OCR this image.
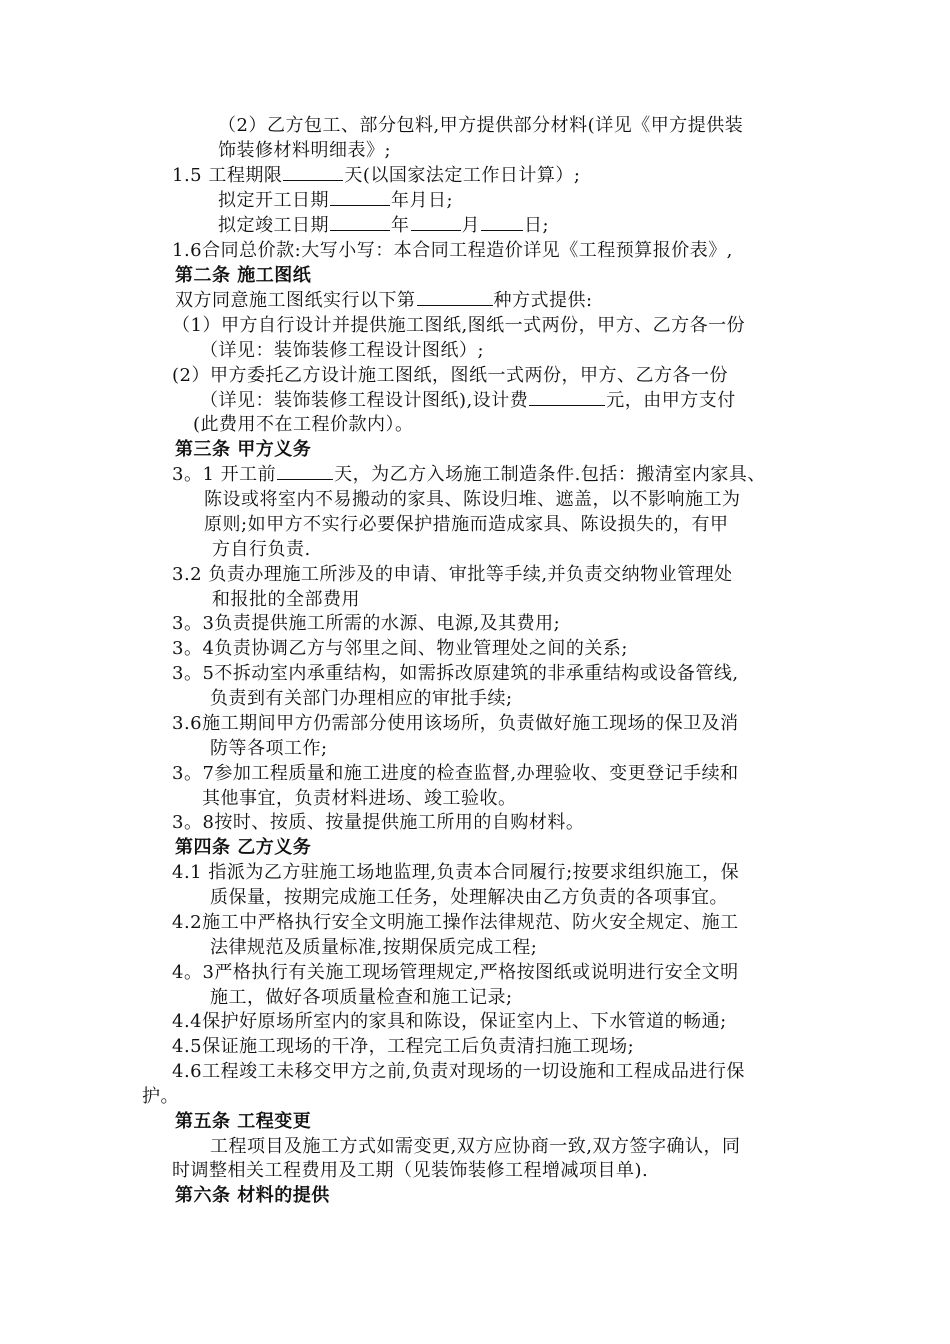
（2）乙方包工、部分包料,甲方提供部分材料(详见《甲方提供装
饰装修材料明细表》;
1.5 工程期限	天(以国家法定工作日计算）;
拟定开工日期	年月日;
拟定竣工日期	年	月 日;
1.6合同总价款:大写小写：本合同工程造价详见《工程预算报价表》,
第二条 施工图纸
双方同意施工图纸实行以下第	种方式提供:
（1）甲方自行设计并提供施工图纸,图纸一式两份，甲方、乙方各一份
（详见：装饰装修工程设计图纸）;
(2）甲方委托乙方设计施工图纸，图纸一式两份，甲方、乙方各一份
（详见：装饰装修工程设计图纸),设计费	元，由甲方支付
(此费用不在工程价款内）。
第三条 甲方义务
3。1 开工前	天，为乙方入场施工制造条件.包括：搬清室内家具、
陈设或将室内不易搬动的家具、陈设归堆、遮盖，以不影响施工为
原则;如甲方不实行必要保护措施而造成家具、陈设损失的，有甲
方自行负责.
3.2 负责办理施工所涉及的申请、审批等手续,并负责交纳物业管理处
和报批的全部费用
3。3负责提供施工所需的水源、电源,及其费用;
3。4负责协调乙方与邻里之间、物业管理处之间的关系;
3。5不拆动室内承重结构，如需拆改原建筑的非承重结构或设备管线,
负责到有关部门办理相应的审批手续;
3.6施工期间甲方仍需部分使用该场所，负责做好施工现场的保卫及消
防等各项工作;
3。7参加工程质量和施工进度的检查监督,办理验收、变更登记手续和
其他事宜，负责材料进场、竣工验收。
3。8按时、按质、按量提供施工所用的自购材料。
第四条 乙方义务
4.1 指派为乙方驻施工场地监理,负责本合同履行;按要求组织施工，保
质保量，按期完成施工任务，处理解决由乙方负责的各项事宜。
4.2施工中严格执行安全文明施工操作法律规范、防火安全规定、施工
法律规范及质量标准,按期保质完成工程;
4。3严格执行有关施工现场管理规定,严格按图纸或说明进行安全文明
施工，做好各项质量检查和施工记录;
4.4保护好原场所室内的家具和陈设，保证室内上、下水管道的畅通;
4.5保证施工现场的干净，工程完工后负责清扫施工现场;
4.6工程竣工未移交甲方之前,负责对现场的一切设施和工程成品进行保
护。
第五条 工程变更
工程项目及施工方式如需变更,双方应协商一致,双方签字确认，同
时调整相关工程费用及工期（见装饰装修工程增减项目单).
第六条 材料的提供
